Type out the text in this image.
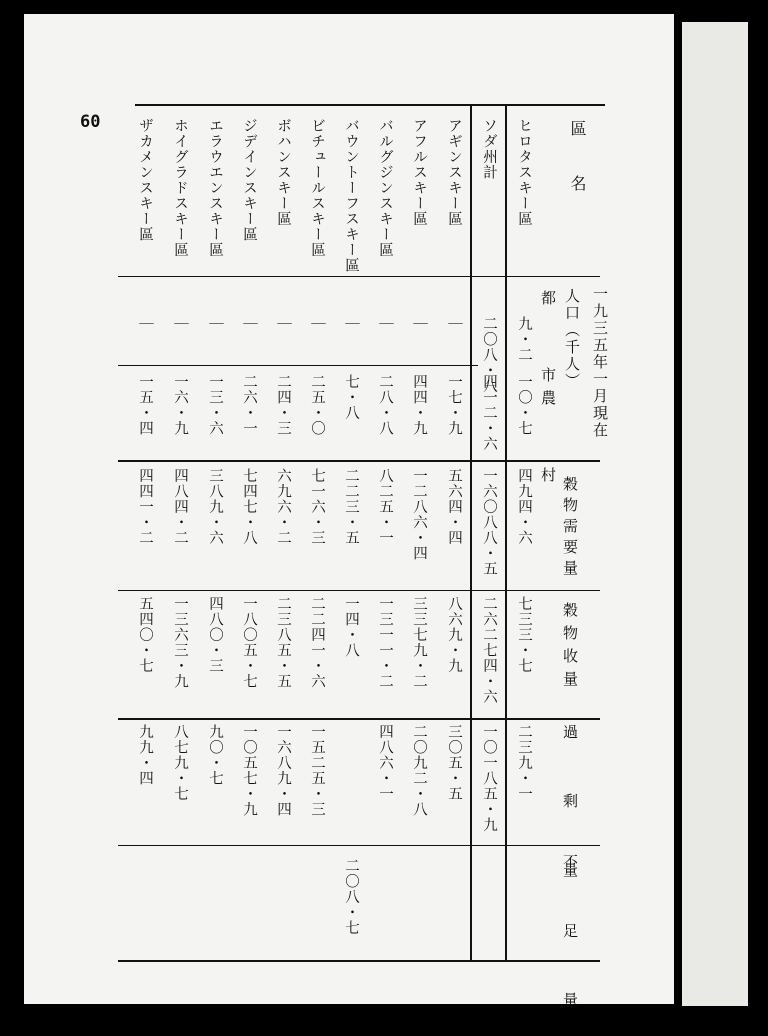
60	區 名
一九三五年一月現在
人口（千人）
都 市
農 村
穀物需要量
穀物收量
過 剩 量
不 足 量
ヒロタスキー區
九・二
一〇・七
四九四・六
七三三・七
二三九・一
ソダ州計
二〇八・八
四一二・六
一六〇八八・五
二六二七四・六
一〇一八五・九
アギンスキー區
｜
一七・九
五六四・四
八六九・九
三〇五・五
アフルスキー區
｜
四四・九
一二八六・四
三三七九・二
二〇九二・八
バルグジンスキー區
｜
二八・八
八二五・一
一三一一・二
四八六・一
バウントーフスキー區
｜
七・八
二二三・五
一四・八
二〇八・七
ビチュールスキー區
｜
二五・〇
七一六・三
二二四一・六
一五二五・三
ボハンスキー區
｜
二四・三
六九六・二
二三八五・五
一六八九・四
ジデインスキー區
｜
二六・一
七四七・八
一八〇五・七
一〇五七・九
エラウエンスキー區
｜
一三・六
三八九・六
四八〇・三
九〇・七
ホイグラドスキー區
｜
一六・九
四八四・二
一三六三・九
八七九・七
ザカメンスキー區
｜
一五・四
四四一・二
五四〇・七
九九・四
